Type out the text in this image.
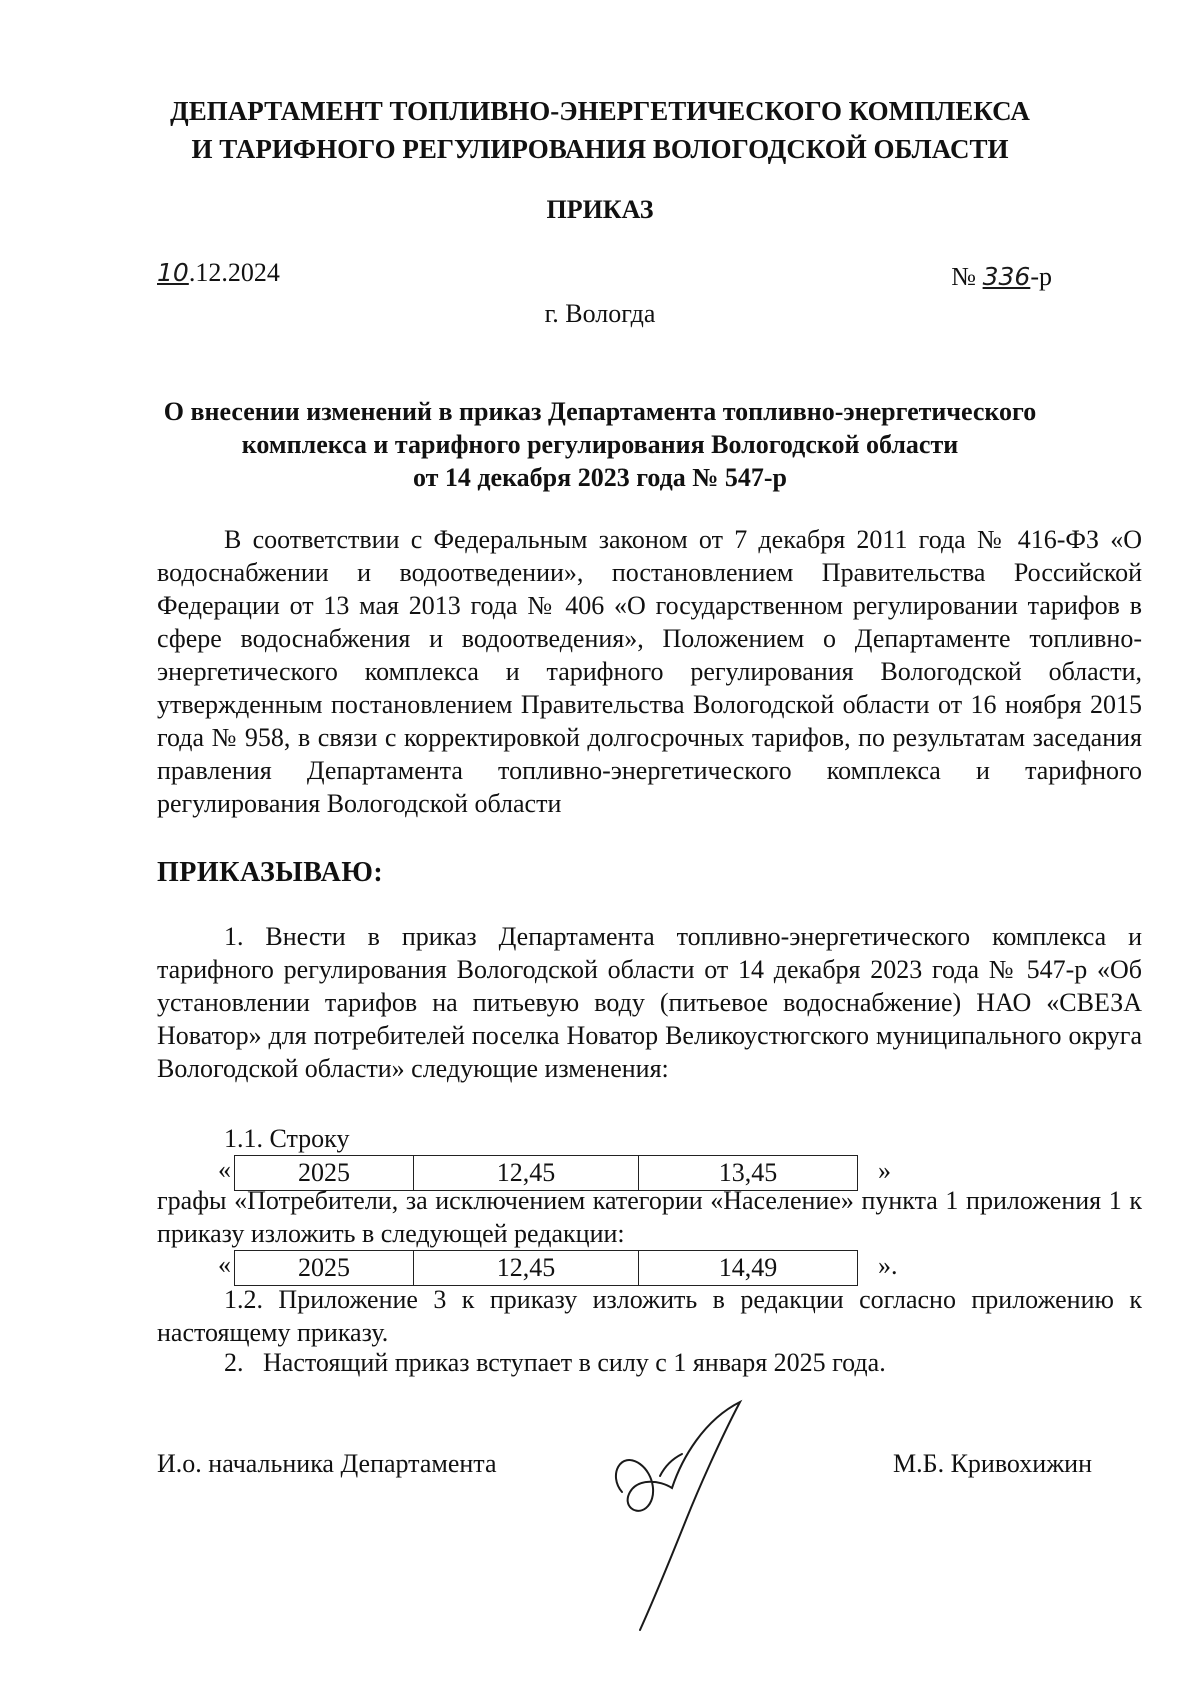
ДЕПАРТАМЕНТ ТОПЛИВНО-ЭНЕРГЕТИЧЕСКОГО КОМПЛЕКСА
И ТАРИФНОГО РЕГУЛИРОВАНИЯ ВОЛОГОДСКОЙ ОБЛАСТИ
ПРИКАЗ
10.12.2024	№ 336-р
г. Вологда
О внесении изменений в приказ Департамента топливно-энергетического
комплекса и тарифного регулирования Вологодской области
от 14 декабря 2023 года № 547-р
В соответствии с Федеральным законом от 7 декабря 2011 года № 416-ФЗ «О водоснабжении и водоотведении», постановлением Правительства Российской Федерации от 13 мая 2013 года № 406 «О государственном регулировании тарифов в сфере водоснабжения и водоотведения», Положением о Департаменте топливно-энергетического комплекса и тарифного регулирования Вологодской области, утвержденным постановлением Правительства Вологодской области от 16 ноября 2015 года № 958, в связи с корректировкой долгосрочных тарифов, по результатам заседания правления Департамента топливно-энергетического комплекса и тарифного регулирования Вологодской области
ПРИКАЗЫВАЮ:
1. Внести в приказ Департамента топливно-энергетического комплекса и тарифного регулирования Вологодской области от 14 декабря 2023 года № 547-р «Об установлении тарифов на питьевую воду (питьевое водоснабжение) НАО «СВЕЗА Новатор» для потребителей поселка Новатор Великоустюгского муниципального округа Вологодской области» следующие изменения:
1.1. Строку
«	2025	12,45	13,45	»
графы «Потребители, за исключением категории «Население» пункта 1 приложения 1 к приказу изложить в следующей редакции:
«	2025	12,45	14,49	».
1.2. Приложение 3 к приказу изложить в редакции согласно приложению к настоящему приказу.
2.   Настоящий приказ вступает в силу с 1 января 2025 года.
И.о. начальника Департамента	М.Б. Кривохижин
